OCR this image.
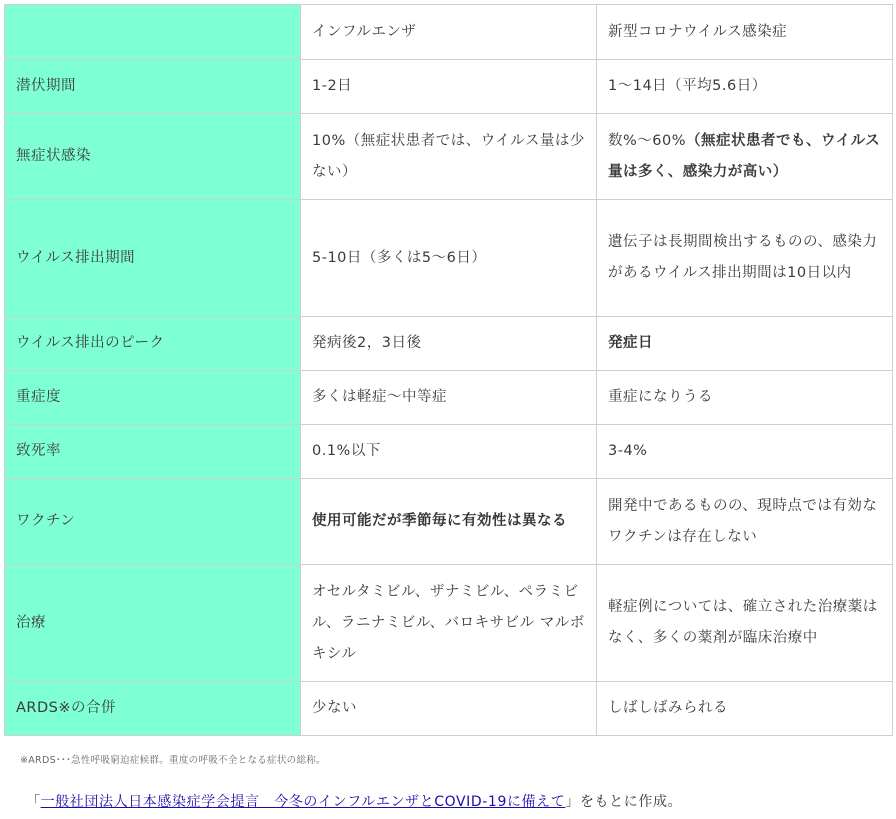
	インフルエンザ	新型コロナウイルス感染症
潜伏期間	1-2日	1〜14日（平均5.6日）
無症状感染	10%（無症状患者では、ウイルス量は少ない）	数%〜60%（無症状患者でも、ウイルス量は多く、感染力が高い）
ウイルス排出期間	5-10日（多くは5〜6日）	遺伝子は長期間検出するものの、感染力があるウイルス排出期間は10日以内
ウイルス排出のピーク	発病後2，3日後	発症日
重症度	多くは軽症〜中等症	重症になりうる
致死率	0.1%以下	3-4%
ワクチン	使用可能だが季節毎に有効性は異なる	開発中であるものの、現時点では有効なワクチンは存在しない
治療	オセルタミビル、ザナミビル、ペラミビル、ラニナミビル、バロキサビル マルボキシル	軽症例については、確立された治療薬はなく、多くの薬剤が臨床治療中
ARDS※の合併	少ない	しばしばみられる
※ARDS･･･急性呼吸窮迫症候群。重度の呼吸不全となる症状の総称。
「一般社団法人日本感染症学会提言　今冬のインフルエンザとCOVID-19に備えて」をもとに作成。
